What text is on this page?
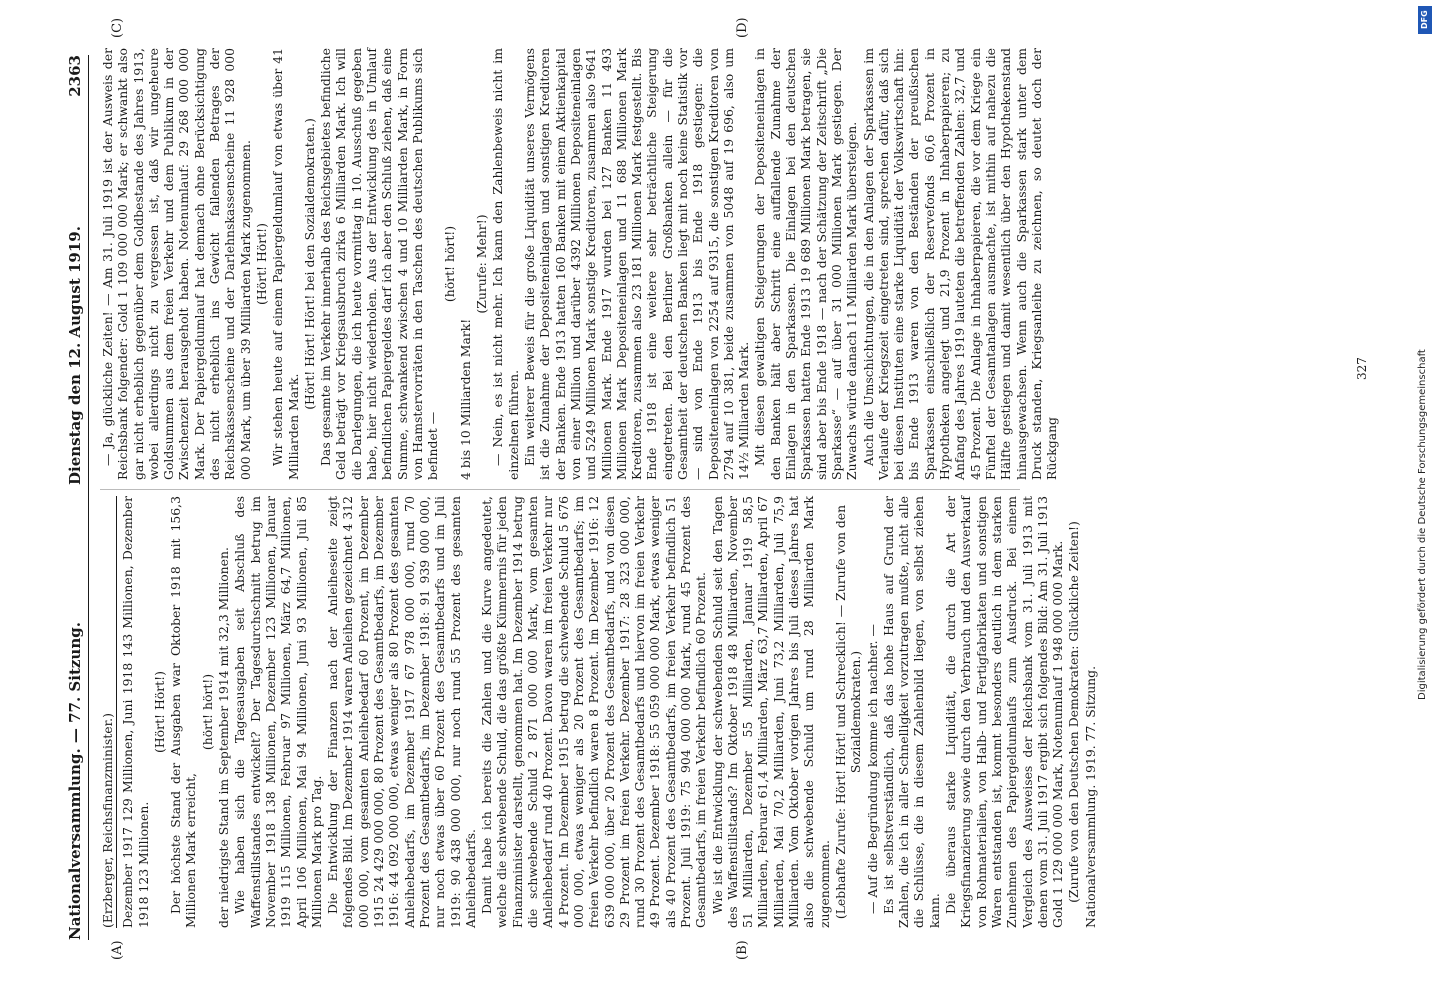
Nationalversammlung. — 77. Sitzung.
Dienstag den 12. August 1919.
2363
(A)	(B)
(C)	(D)

(Erzberger, Reichsfinanzminister.) Dezember 1917 129 Millionen, Juni 1918 143 Millionen, Dezember 1918 123 Millionen.

(Hört! Hört!) Der höchste Stand der Ausgaben war Oktober 1918 mit 156,3 Millionen Mark erreicht,

(hört! hört!) der niedrigste Stand im September 1914 mit 32,3 Millionen. Wie haben sich die Tagesausgaben seit Abschluß des Waffenstillstandes entwickelt? Der Tagesdurchschnitt betrug im November 1918 138 Millionen, Dezember 123 Millionen, Januar 1919 115 Millionen, Februar 97 Millionen, März 64,7 Millionen, April 106 Millionen, Mai 94 Millionen, Juni 93 Millionen, Juli 85 Millionen Mark pro Tag. Die Entwicklung der Finanzen nach der Anleiheseite zeigt folgendes Bild. Im Dezember 1914 waren Anleihen gezeichnet 4 312 000 000, vom gesamten Anleihebedarf 60 Prozent, im Dezember 1915 24 429 000 000, 80 Prozent des Gesamtbedarfs, im Dezember 1916: 44 092 000 000, etwas weniger als 80 Prozent des gesamten Anleihebedarfs, im Dezember 1917 67 978 000 000, rund 70 Prozent des Gesamtbedarfs, im Dezember 1918: 91 939 000 000, nur noch etwas über 60 Prozent des Gesamtbedarfs und im Juli 1919: 90 438 000 000, nur noch rund 55 Prozent des gesamten Anleihebedarfs. Damit habe ich bereits die Zahlen und die Kurve angedeutet, welche die schwebende Schuld, die das größte Kümmernis für jeden Finanzminister darstellt, genommen hat. Im Dezember 1914 betrug die schwebende Schuld 2 871 000 000 Mark, vom gesamten Anleihebedarf rund 40 Prozent. Davon waren im freien Verkehr nur 4 Prozent. Im Dezember 1915 betrug die schwebende Schuld 5 676 000 000, etwas weniger als 20 Prozent des Gesamtbedarfs; im freien Verkehr befindlich waren 8 Prozent. Im Dezember 1916: 12 639 000 000, über 20 Prozent des Gesamtbedarfs, und von diesen 29 Prozent im freien Verkehr. Dezember 1917: 28 323 000 000, rund 30 Prozent des Gesamtbedarfs und hiervon im freien Verkehr 49 Prozent. Dezember 1918: 55 059 000 000 Mark, etwas weniger als 40 Prozent des Gesamtbedarfs, im freien Verkehr befindlich 51 Prozent. Juli 1919: 75 904 000 000 Mark, rund 45 Prozent des Gesamtbedarfs, im freien Verkehr befindlich 60 Prozent. Wie ist die Entwicklung der schwebenden Schuld seit den Tagen des Waffenstillstands? Im Oktober 1918 48 Milliarden, November 51 Milliarden, Dezember 55 Milliarden, Januar 1919 58,5 Milliarden, Februar 61,4 Milliarden, März 63,7 Milliarden, April 67 Milliarden, Mai 70,2 Milliarden, Juni 73,2 Milliarden, Juli 75,9 Milliarden. Vom Oktober vorigen Jahres bis Juli dieses Jahres hat also die schwebende Schuld um rund 28 Milliarden Mark zugenommen. (Lebhafte Zurufe: Hört! Hört! und Schrecklich! — Zurufe von den Sozialdemokraten.) — Auf die Begründung komme ich nachher. — Es ist selbstverständlich, daß das hohe Haus auf Grund der Zahlen, die ich in aller Schnelligkeit vorzutragen mußte, nicht alle die Schlüsse, die in diesem Zahlenbild liegen, von selbst ziehen kann. Die überaus starke Liquidität, die durch die Art der Kriegsfinanzierung sowie durch den Verbrauch und den Ausverkauf von Rohmaterialien, von Halb- und Fertigfabrikaten und sonstigen Waren entstanden ist, kommt besonders deutlich in dem starken Zunehmen des Papiergeldumlaufs zum Ausdruck. Bei einem Vergleich des Ausweises der Reichsbank vom 31. Juli 1913 mit denen vom 31. Juli 1917 ergibt sich folgendes Bild: Am 31. Juli 1913 Gold 1 129 000 000 Mark, Notenumlauf 1 948 000 000 Mark. (Zurufe von den Deutschen Demokraten: Glückliche Zeiten!) Nationalversammlung. 1919. 77. Sitzung.

— Ja, glückliche Zeiten! — Am 31. Juli 1919 ist der Ausweis der Reichsbank folgender: Gold 1 109 000 000 Mark; er schwankt also gar nicht erheblich gegenüber dem Goldbestande des Jahres 1913, wobei allerdings nicht zu vergessen ist, daß wir ungeheure Goldsummen aus dem freien Verkehr und dem Publikum in der Zwischenzeit herausgeholt haben. Notenumlauf: 29 268 000 000 Mark. Der Papiergeldumlauf hat demnach ohne Berücksichtigung des nicht erheblich ins Gewicht fallenden Betrages der Reichskassenscheine und der Darlehnskassenscheine 11 928 000 000 Mark, um über 39 Milliarden Mark zugenommen. (Hört! Hört!) Wir stehen heute auf einem Papiergeldumlauf von etwas über 41 Milliarden Mark.

(Hört! Hört! Hört! bei den Sozialdemokraten.) Das gesamte im Verkehr innerhalb des Reichsgebietes befindliche Geld beträgt vor Kriegsausbruch zirka 6 Milliarden Mark. Ich will die Darlegungen, die ich heute vormittag in 10. Ausschuß gegeben habe, hier nicht wiederholen. Aus der Entwicklung des in Umlauf befindlichen Papiergeldes darf ich aber den Schluß ziehen, daß eine Summe, schwankend zwischen 4 und 10 Milliarden Mark, in Form von Hamstervorräten in den Taschen des deutschen Publikums sich befindet —

(hört! hört!)

4 bis 10 Milliarden Mark!

(Zurufe: Mehr!) — Nein, es ist nicht mehr. Ich kann den Zahlenbeweis nicht im einzelnen führen. Ein weiterer Beweis für die große Liquidität unseres Vermögens ist die Zunahme der Depositeneinlagen und sonstigen Kreditoren der Banken. Ende 1913 hatten 160 Banken mit einem Aktienkapital von einer Million und darüber 4392 Millionen Depositeneinlagen und 5249 Millionen Mark sonstige Kreditoren, zusammen also 9641 Millionen Mark. Ende 1917 wurden bei 127 Banken 11 493 Millionen Mark Depositeneinlagen und 11 688 Millionen Mark Kreditoren, zusammen also 23 181 Millionen Mark festgestellt. Bis Ende 1918 ist eine weitere sehr beträchtliche Steigerung eingetreten. Bei den Berliner Großbanken allein — für die Gesamtheit der deutschen Banken liegt mit noch keine Statistik vor — sind von Ende 1913 bis Ende 1918 gestiegen: die Depositeneinlagen von 2254 auf 9315, die sonstigen Kreditoren von 2794 auf 10 381, beide zusammen von 5048 auf 19 696, also um 14½ Milliarden Mark. Mit diesen gewaltigen Steigerungen der Depositeneinlagen in den Banken hält aber Schritt eine auffallende Zunahme der Einlagen in den Sparkassen. Die Einlagen bei den deutschen Sparkassen hatten Ende 1913 19 689 Millionen Mark betragen, sie sind aber bis Ende 1918 — nach der Schätzung der Zeitschrift „Die Sparkasse“ — auf über 31 000 Millionen Mark gestiegen. Der Zuwachs würde danach 11 Milliarden Mark übersteigen. Auch die Umschichtungen, die in den Anlagen der Sparkassen im Verlaufe der Kriegszeit eingetreten sind, sprechen dafür, daß sich bei diesen Instituten eine starke Liquidität der Volkswirtschaft hin: bis Ende 1913 waren von den Beständen der preußischen Sparkassen einschließlich der Reservefonds 60,6 Prozent in Hypotheken angelegt und 21,9 Prozent in Inhaberpapieren; zu Anfang des Jahres 1919 lauteten die betreffenden Zahlen: 32,7 und 45 Prozent. Die Anlage in Inhaberpapieren, die vor dem Kriege ein Fünftel der Gesamtanlagen ausmachte, ist mithin auf nahezu die Hälfte gestiegen und damit wesentlich über den Hypothekenstand hinausgewachsen. Wenn auch die Sparkassen stark unter dem Druck standen, Kriegsanleihe zu zeichnen, so deutet doch der Rückgang

327	Digitalisierung gefördert durch die Deutsche Forschungsgemeinschaft
DFG
